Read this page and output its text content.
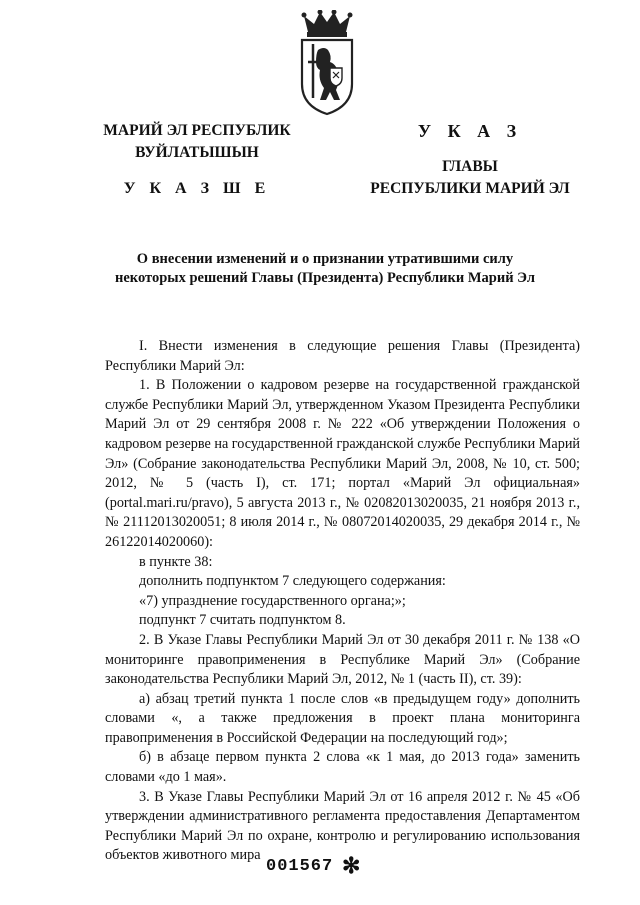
МАРИЙ ЭЛ РЕСПУБЛИК
ВУЙЛАТЫШЫН
У К А З Ш Е
У К А З
ГЛАВЫ
РЕСПУБЛИКИ МАРИЙ ЭЛ
О внесении изменений и о признании утратившими силу
некоторых решений Главы (Президента) Республики Марий Эл

I. Внести изменения в следующие решения Главы (Президента) Республики Марий Эл:

1. В Положении о кадровом резерве на государственной гражданской службе Республики Марий Эл, утвержденном Указом Президента Республики Марий Эл от 29 сентября 2008 г. № 222 «Об утверждении Положения о кадровом резерве на государственной гражданской службе Республики Марий Эл» (Собрание законодательства Республики Марий Эл, 2008, № 10, ст. 500; 2012, № 5 (часть I), ст. 171; портал «Марий Эл официальная» (portal.mari.ru/pravo), 5 августа 2013 г., № 02082013020035, 21 ноября 2013 г., № 21112013020051; 8 июля 2014 г., № 08072014020035, 29 декабря 2014 г., № 26122014020060):

в пункте 38:

дополнить подпунктом 7 следующего содержания:

«7) упразднение государственного органа;»;

подпункт 7 считать подпунктом 8.

2. В Указе Главы Республики Марий Эл от 30 декабря 2011 г. № 138 «О мониторинге правоприменения в Республике Марий Эл» (Собрание законодательства Республики Марий Эл, 2012, № 1 (часть II), ст. 39):

а) абзац третий пункта 1 после слов «в предыдущем году» дополнить словами «, а также предложения в проект плана мониторинга правоприменения в Российской Федерации на последующий год»;

б) в абзаце первом пункта 2 слова «к 1 мая, до 2013 года» заменить словами «до 1 мая».

3. В Указе Главы Республики Марий Эл от 16 апреля 2012 г. № 45 «Об утверждении административного регламента предоставления Департаментом Республики Марий Эл по охране, контролю и регулированию использования объектов животного мира

001567 ✻
